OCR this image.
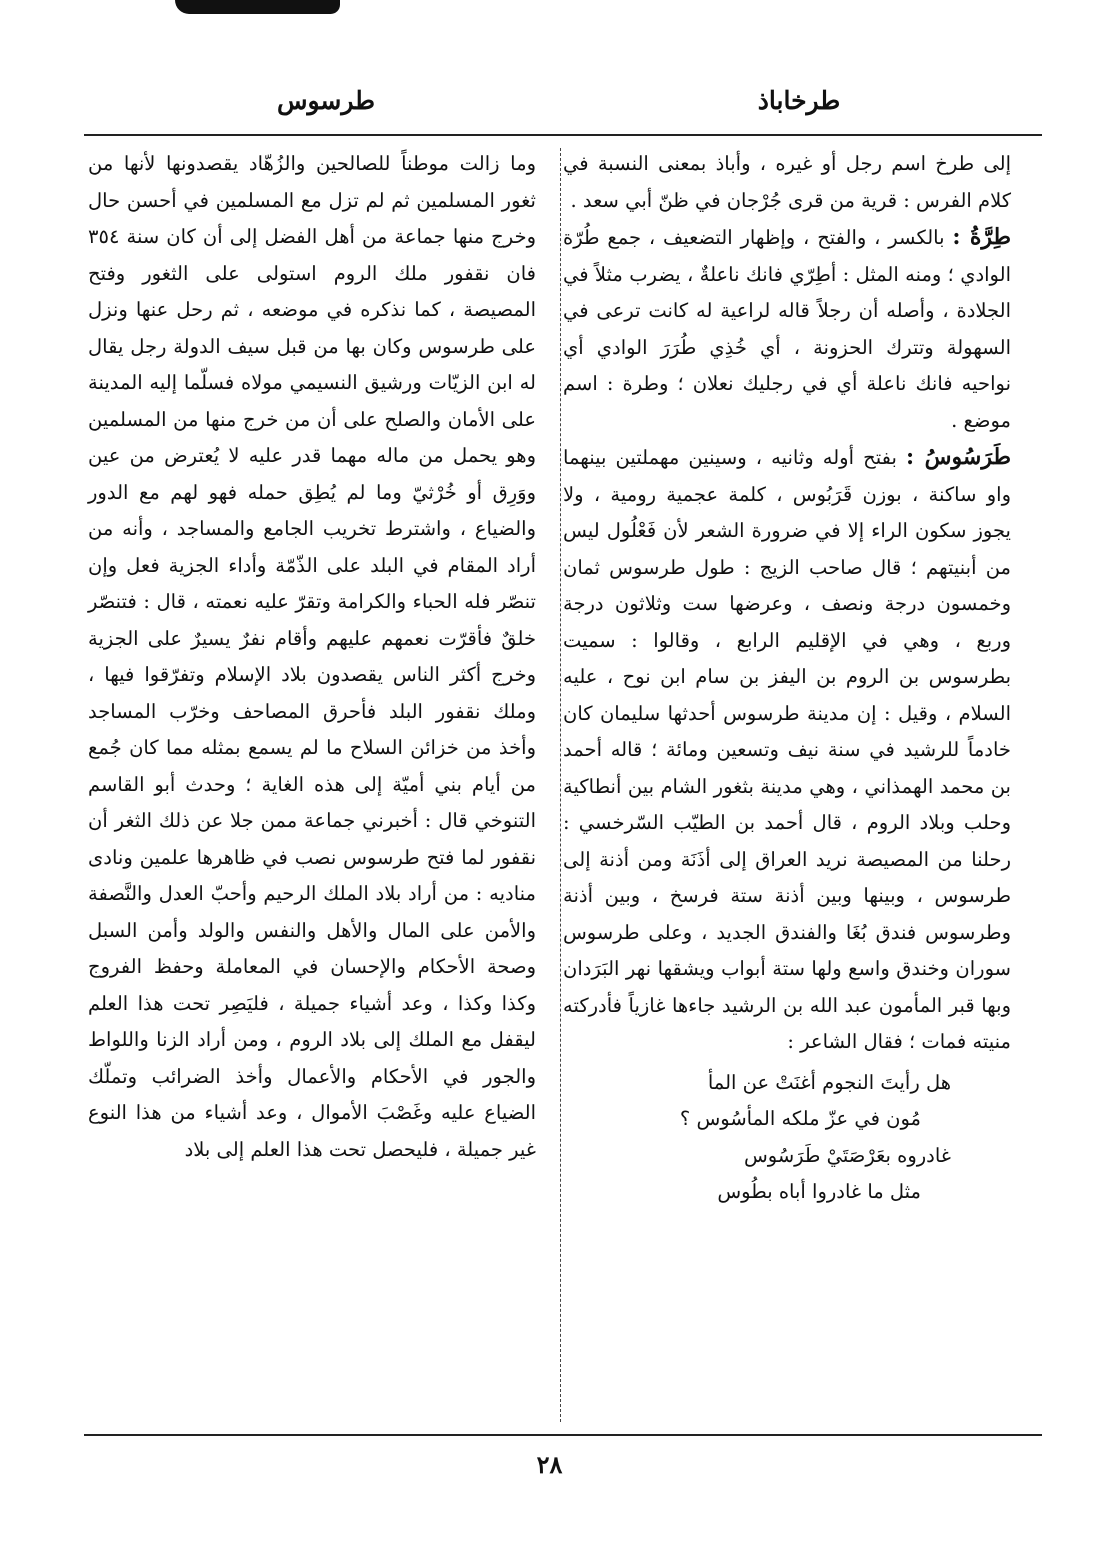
طرخاباذ
طرسوس

إلى طرخ اسم رجل أو غيره ، وأباذ بمعنى النسبة في كلام الفرس : قرية من قرى جُرْجان في ظنّ أبي سعد .

طِرَّةُ : بالكسر ، والفتح ، وإظهار التضعيف ، جمع طُرّة الوادي ؛ ومنه المثل : أطِرّي فانك ناعلةٌ ، يضرب مثلاً في الجلادة ، وأصله أن رجلاً قاله لراعية له كانت ترعى في السهولة وتترك الحزونة ، أي خُذِي طُرَرَ الوادي أي نواحيه فانك ناعلة أي في رجليك نعلان ؛ وطرة : اسم موضع .

طَرَسُوسُ : بفتح أوله وثانيه ، وسينين مهملتين بينهما واو ساكنة ، بوزن قَرَبُوس ، كلمة عجمية رومية ، ولا يجوز سكون الراء إلا في ضرورة الشعر لأن فَعْلُول ليس من أبنيتهم ؛ قال صاحب الزيج : طول طرسوس ثمان وخمسون درجة ونصف ، وعرضها ست وثلاثون درجة وربع ، وهي في الإقليم الرابع ، وقالوا : سميت بطرسوس بن الروم بن اليفز بن سام ابن نوح ، عليه السلام ، وقيل : إن مدينة طرسوس أحدثها سليمان كان خادماً للرشيد في سنة نيف وتسعين ومائة ؛ قاله أحمد بن محمد الهمذاني ، وهي مدينة بثغور الشام بين أنطاكية وحلب وبلاد الروم ، قال أحمد بن الطيّب السّرخسي : رحلنا من المصيصة نريد العراق إلى أذَنَة ومن أذنة إلى طرسوس ، وبينها وبين أذنة ستة فرسخ ، وبين أذنة وطرسوس فندق بُغَا والفندق الجديد ، وعلى طرسوس سوران وخندق واسع ولها ستة أبواب ويشقها نهر البَرَدان وبها قبر المأمون عبد الله بن الرشيد جاءها غازياً فأدركته منيته فمات ؛ فقال الشاعر :

هل رأيتَ النجوم أغنَتْ عن المأ
مُون في عزّ ملكه المأسُوس ؟
غادروه بعَرْصَتَيْ طَرَسُوس
مثل ما غادروا أباه بطُوس

وما زالت موطناً للصالحين والزُهّاد يقصدونها لأنها من ثغور المسلمين ثم لم تزل مع المسلمين في أحسن حال وخرج منها جماعة من أهل الفضل إلى أن كان سنة ٣٥٤ فان نقفور ملك الروم استولى على الثغور وفتح المصيصة ، كما نذكره في موضعه ، ثم رحل عنها ونزل على طرسوس وكان بها من قبل سيف الدولة رجل يقال له ابن الزيّات ورشيق النسيمي مولاه فسلّما إليه المدينة على الأمان والصلح على أن من خرج منها من المسلمين وهو يحمل من ماله مهما قدر عليه لا يُعترض من عين ووَرِق أو خُرْثيّ وما لم يُطِق حمله فهو لهم مع الدور والضياع ، واشترط تخريب الجامع والمساجد ، وأنه من أراد المقام في البلد على الذّمّة وأداء الجزية فعل وإن تنصّر فله الحباء والكرامة وتقرّ عليه نعمته ، قال : فتنصّر خلقٌ فأقرّت نعمهم عليهم وأقام نفرٌ يسيرٌ على الجزية وخرج أكثر الناس يقصدون بلاد الإسلام وتفرّقوا فيها ، وملك نقفور البلد فأحرق المصاحف وخرّب المساجد وأخذ من خزائن السلاح ما لم يسمع بمثله مما كان جُمع من أيام بني أميّة إلى هذه الغاية ؛ وحدث أبو القاسم التنوخي قال : أخبرني جماعة ممن جلا عن ذلك الثغر أن نقفور لما فتح طرسوس نصب في ظاهرها علمين ونادى مناديه : من أراد بلاد الملك الرحيم وأحبّ العدل والنَّصفة والأمن على المال والأهل والنفس والولد وأمن السبل وصحة الأحكام والإحسان في المعاملة وحفظ الفروج وكذا وكذا ، وعد أشياء جميلة ، فليَصِر تحت هذا العلم ليقفل مع الملك إلى بلاد الروم ، ومن أراد الزنا واللواط والجور في الأحكام والأعمال وأخذ الضرائب وتملّك الضياع عليه وغَصْبَ الأموال ، وعد أشياء من هذا النوع غير جميلة ، فليحصل تحت هذا العلم إلى بلاد

٢٨
